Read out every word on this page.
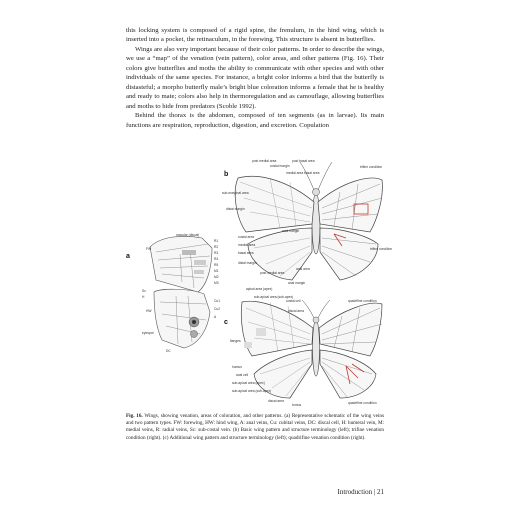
this locking system is composed of a rigid spine, the frenulum, in the hind wing, which is inserted into a pocket, the retinaculum, in the forewing. This structure is absent in butterflies.

Wings are also very important because of their color patterns. In order to describe the wings, we use a “map” of the venation (vein pattern), color areas, and other patterns (Fig. 16). Their colors give butterflies and moths the ability to communicate with other species and with other individuals of the same species. For instance, a bright color informs a bird that the butterfly is distasteful; a morpho butterfly male’s bright blue coloration informs a female that he is healthy and ready to mate; colors also help in thermoregulation and as camouflage, allowing butterflies and moths to hide from predators (Scoble 1992).

Behind the thorax is the abdomen, composed of ten segments (as in larvae). Its main functions are respiration, reproduction, digestion, and excretion. Copulation

a
macular (discal)
FW
HW
eyespot
R1
R2
R3
R4
R5
M1
M2
M3
Cu1
Cu2
A
Sc
H
DC
b
post medial area
costal margin
medial area
post basal area
basal area
trifine condition
sub-marginal area
distal margin
anal margin
costal area
medial area
basal area
distal margin
post medial area
anal area
anal margin
trifine condition
c
apical area (apex)
sub-apical area (sub-apex)
costal cell
discal area
quadrifine condition
flanges
humus
anal cell
sub-apical area (apex)
sub-apical area (sub-apex)
discal area
tornus	quadrifine condition
Fig. 16. Wings, showing venation, areas of coloration, and other patterns. (a) Representative schematic of the wing veins and two pattern types. FW: forewing, HW: hind wing, A: anal veins, Cu: cubital veins, DC: discal cell, H: humeral vein, M: medial veins, R: radial veins, Sc: sub-costal vein. (b) Basic wing pattern and structure terminology (left); trifine venation condition (right). (c) Additional wing pattern and structure terminology (left); quadrifine venation condition (right).
Introduction | 21
